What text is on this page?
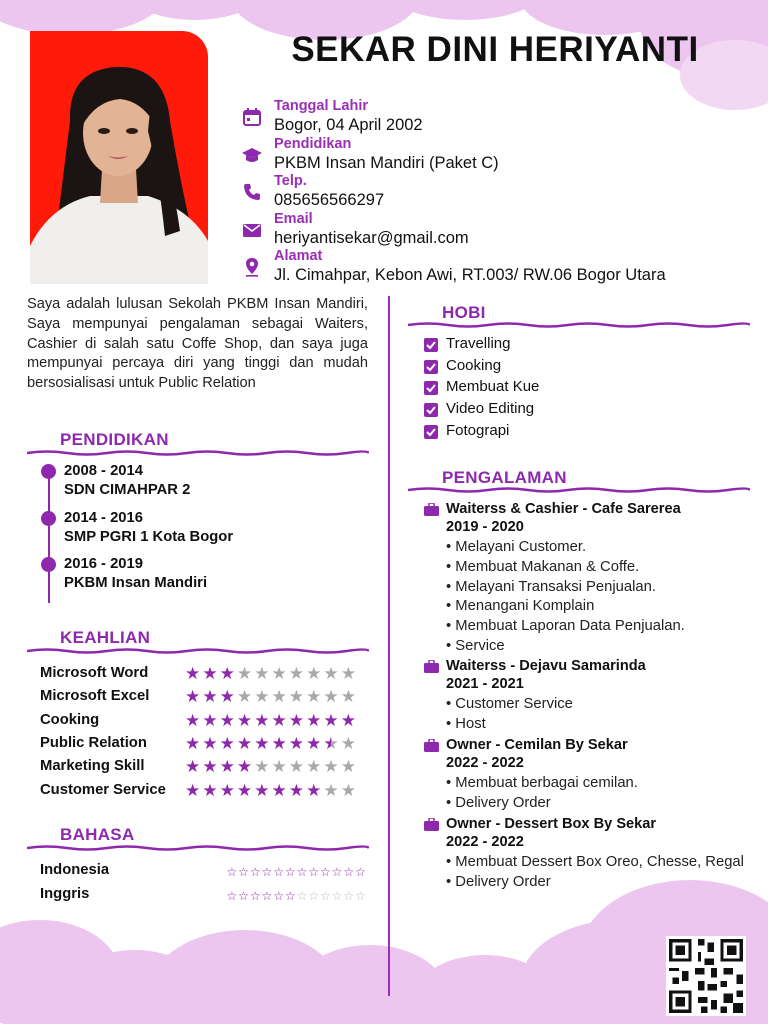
SEKAR DINI HERIYANTI
Tanggal Lahir
Bogor, 04 April 2002
Pendidikan
PKBM Insan Mandiri (Paket C)
Telp.
085656566297
Email
heriyantisekar@gmail.com
Alamat
Jl. Cimahpar, Kebon Awi, RT.003/ RW.06 Bogor Utara
Saya adalah lulusan Sekolah PKBM Insan Mandiri, Saya mempunyai pengalaman sebagai Waiters, Cashier di salah satu Coffe Shop, dan saya juga mempunyai percaya diri yang tinggi dan mudah bersosialisasi untuk Public Relation
PENDIDIKAN
2008 - 2014
SDN CIMAHPAR 2
2014 - 2016
SMP PGRI 1 Kota Bogor
2016 - 2019
PKBM Insan Mandiri
KEAHLIAN
Microsoft Word ★ ★ ★ ★ ★ ★ ★ ★ ★ ★
Microsoft Excel ★ ★ ★ ★ ★ ★ ★ ★ ★ ★
Cooking	★ ★ ★ ★ ★ ★ ★ ★ ★ ★
Public Relation ★ ★ ★ ★ ★ ★ ★ ★ ★ ★
Marketing Skill ★ ★ ★ ★ ★ ★ ★ ★ ★ ★
Customer Service ★ ★ ★ ★ ★ ★ ★ ★ ★ ★
BAHASA
Indonesia	☆☆☆☆☆☆☆☆☆☆☆☆
Inggris	☆☆☆☆☆☆☆☆☆☆☆☆
HOBI
Travelling
Cooking
Membuat Kue
Video Editing
Fotograpi
PENGALAMAN
Waiterss & Cashier - Cafe Sarerea
2019 - 2020
• Melayani Customer.
• Membuat Makanan & Coffe.
• Melayani Transaksi Penjualan.
• Menangani Komplain
• Membuat Laporan Data Penjualan.
• Service
Waiterss - Dejavu Samarinda
2021 - 2021
• Customer Service
• Host
Owner - Cemilan By Sekar
2022 - 2022
• Membuat berbagai cemilan.
• Delivery Order
Owner - Dessert Box By Sekar
2022 - 2022
• Membuat Dessert Box Oreo, Chesse, Regal
• Delivery Order
